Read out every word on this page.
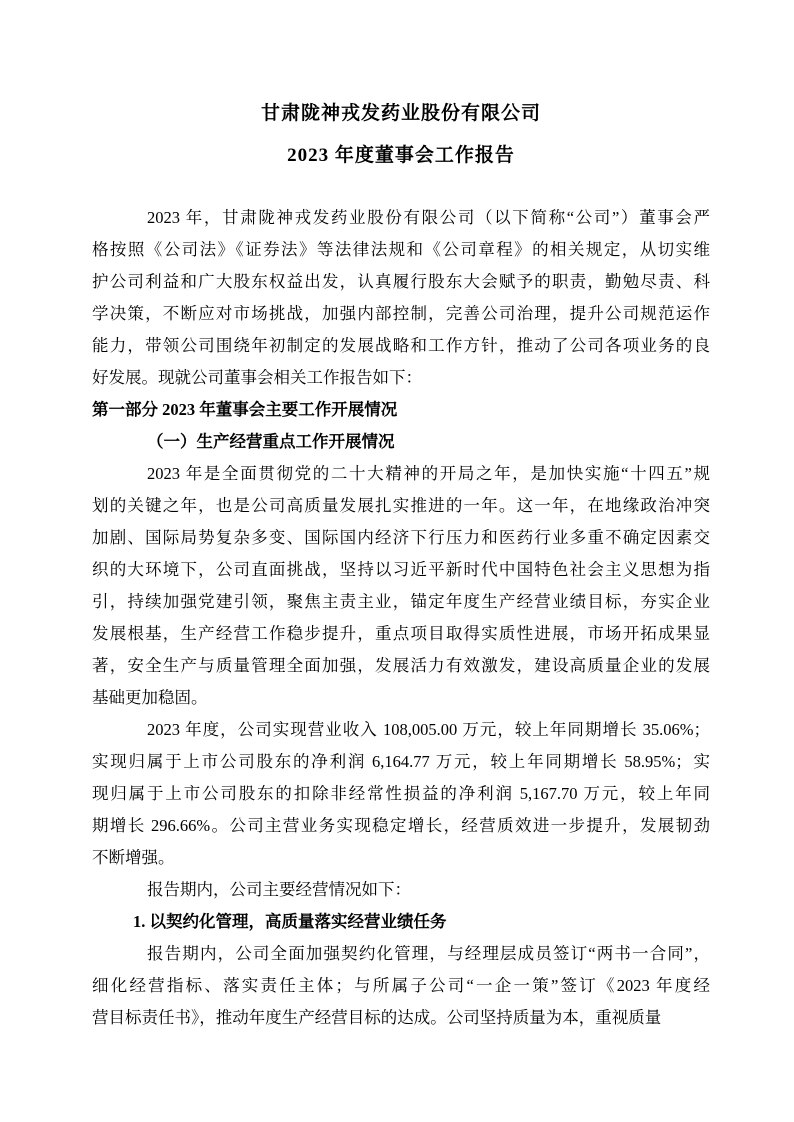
甘肃陇神戎发药业股份有限公司
2023 年度董事会工作报告
2023 年，甘肃陇神戎发药业股份有限公司（以下简称“公司”）董事会严
格按照《公司法》《证券法》等法律法规和《公司章程》的相关规定，从切实维
护公司利益和广大股东权益出发，认真履行股东大会赋予的职责，勤勉尽责、科
学决策，不断应对市场挑战，加强内部控制，完善公司治理，提升公司规范运作
能力，带领公司围绕年初制定的发展战略和工作方针，推动了公司各项业务的良
好发展。现就公司董事会相关工作报告如下：
第一部分 2023 年董事会主要工作开展情况
（一）生产经营重点工作开展情况
2023 年是全面贯彻党的二十大精神的开局之年，是加快实施“十四五”规
划的关键之年，也是公司高质量发展扎实推进的一年。这一年，在地缘政治冲突
加剧、国际局势复杂多变、国际国内经济下行压力和医药行业多重不确定因素交
织的大环境下，公司直面挑战，坚持以习近平新时代中国特色社会主义思想为指
引，持续加强党建引领，聚焦主责主业，锚定年度生产经营业绩目标，夯实企业
发展根基，生产经营工作稳步提升，重点项目取得实质性进展，市场开拓成果显
著，安全生产与质量管理全面加强，发展活力有效激发，建设高质量企业的发展
基础更加稳固。
2023 年度，公司实现营业收入 108,005.00 万元，较上年同期增长 35.06%；
实现归属于上市公司股东的净利润 6,164.77 万元，较上年同期增长 58.95%；实
现归属于上市公司股东的扣除非经常性损益的净利润 5,167.70 万元，较上年同
期增长 296.66%。公司主营业务实现稳定增长，经营质效进一步提升，发展韧劲
不断增强。
报告期内，公司主要经营情况如下：
1. 以契约化管理，高质量落实经营业绩任务
报告期内，公司全面加强契约化管理，与经理层成员签订“两书一合同”，
细化经营指标、落实责任主体；与所属子公司“一企一策”签订《2023 年度经
营目标责任书》，推动年度生产经营目标的达成。公司坚持质量为本，重视质量
